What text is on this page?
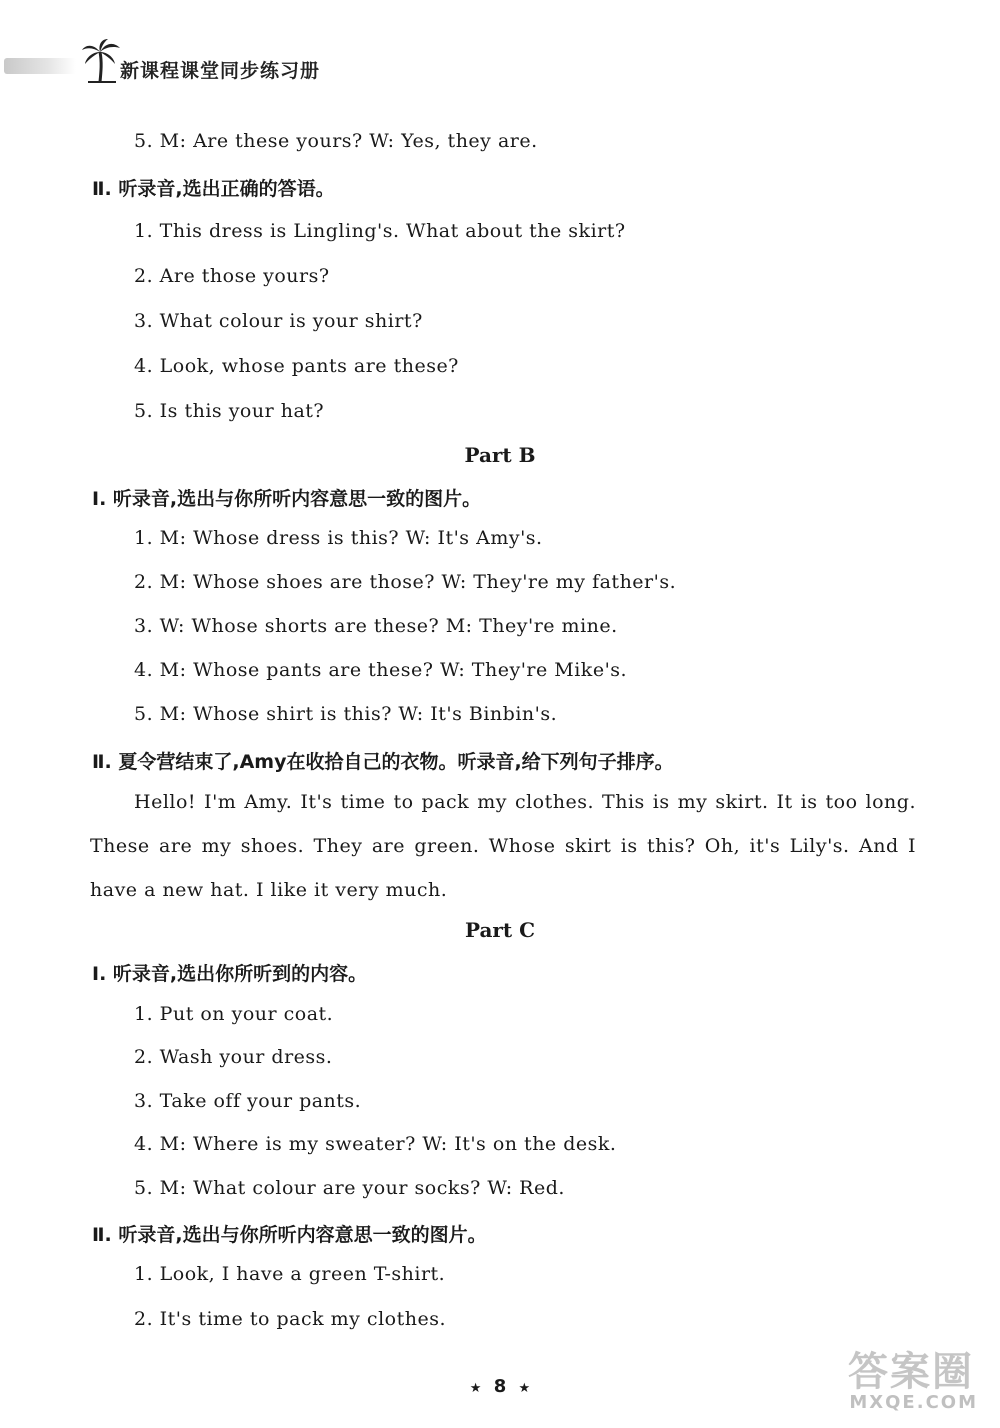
新课程课堂同步练习册
5. M: Are these yours? W: Yes, they are.
Ⅱ. 听录音,选出正确的答语。
1. This dress is Lingling's. What about the skirt?
2. Are those yours?
3. What colour is your shirt?
4. Look, whose pants are these?
5. Is this your hat?
Part B
Ⅰ. 听录音,选出与你所听内容意思一致的图片。
1. M: Whose dress is this? W: It's Amy's.
2. M: Whose shoes are those? W: They're my father's.
3. W: Whose shorts are these? M: They're mine.
4. M: Whose pants are these? W: They're Mike's.
5. M: Whose shirt is this? W: It's Binbin's.
Ⅱ. 夏令营结束了,Amy在收拾自己的衣物。听录音,给下列句子排序。
Hello! I'm Amy. It's time to pack my clothes. This is my skirt. It is too long. These are my shoes. They are green. Whose skirt is this? Oh, it's Lily's. And I have a new hat. I like it very much.
Part C
Ⅰ. 听录音,选出你所听到的内容。
1. Put on your coat.
2. Wash your dress.
3. Take off your pants.
4. M: Where is my sweater? W: It's on the desk.
5. M: What colour are your socks? W: Red.
Ⅱ. 听录音,选出与你所听内容意思一致的图片。
1. Look, I have a green T-shirt.
2. It's time to pack my clothes.
★ 8 ★	答案圈
MXQE.COM
